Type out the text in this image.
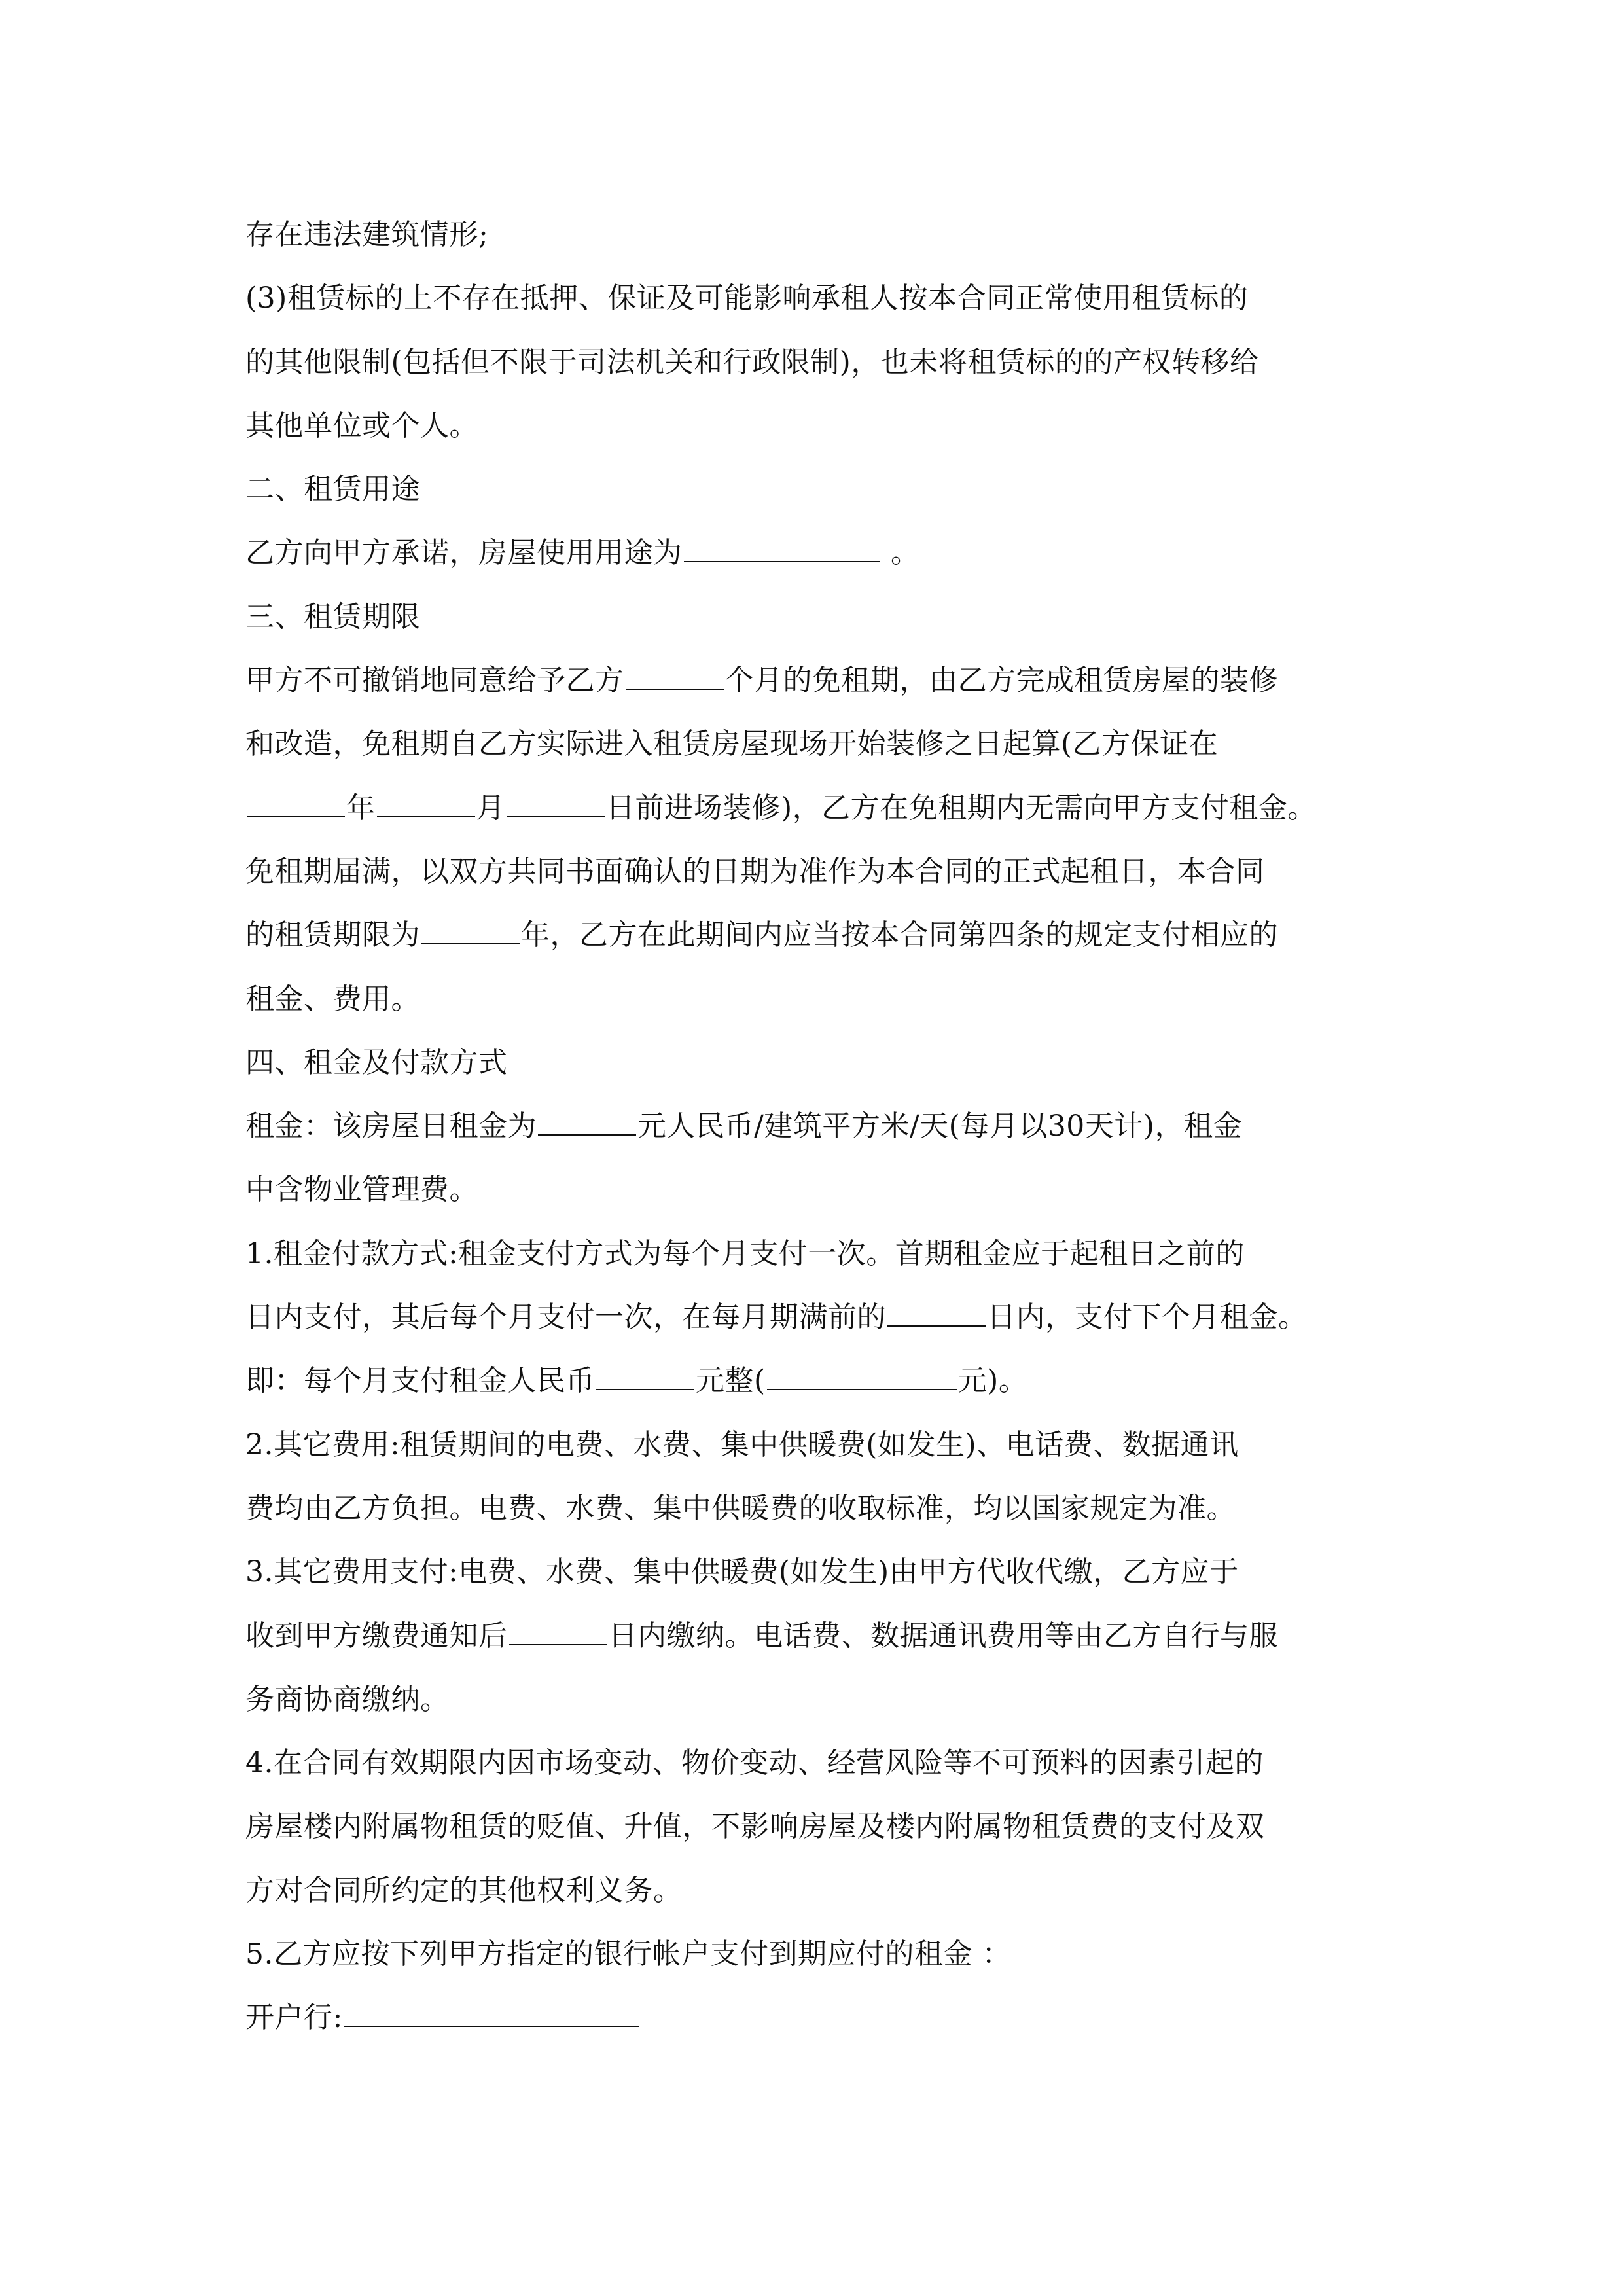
存在违法建筑情形;
(3)租赁标的上不存在抵押、保证及可能影响承租人按本合同正常使用租赁标的
的其他限制(包括但不限于司法机关和行政限制)，也未将租赁标的的产权转移给
其他单位或个人。
二、租赁用途
乙方向甲方承诺，房屋使用用途为	。
三、租赁期限
甲方不可撤销地同意给予乙方	个月的免租期，由乙方完成租赁房屋的装修
和改造，免租期自乙方实际进入租赁房屋现场开始装修之日起算(乙方保证在
年	月	日前进场装修)，乙方在免租期内无需向甲方支付租金。
免租期届满，以双方共同书面确认的日期为准作为本合同的正式起租日，本合同
的租赁期限为	年，乙方在此期间内应当按本合同第四条的规定支付相应的
租金、费用。
四、租金及付款方式
租金：该房屋日租金为	元人民币/建筑平方米/天(每月以30天计)，租金
中含物业管理费。
1.租金付款方式:租金支付方式为每个月支付一次。首期租金应于起租日之前的
日内支付，其后每个月支付一次，在每月期满前的	日内，支付下个月租金。
即：每个月支付租金人民币	元整(	元)。
2.其它费用:租赁期间的电费、水费、集中供暖费(如发生)、电话费、数据通讯
费均由乙方负担。电费、水费、集中供暖费的收取标准，均以国家规定为准。
3.其它费用支付:电费、水费、集中供暖费(如发生)由甲方代收代缴，乙方应于
收到甲方缴费通知后	日内缴纳。电话费、数据通讯费用等由乙方自行与服
务商协商缴纳。
4.在合同有效期限内因市场变动、物价变动、经营风险等不可预料的因素引起的
房屋楼内附属物租赁的贬值、升值，不影响房屋及楼内附属物租赁费的支付及双
方对合同所约定的其他权利义务。
5.乙方应按下列甲方指定的银行帐户支付到期应付的租金 ：
开户行:
